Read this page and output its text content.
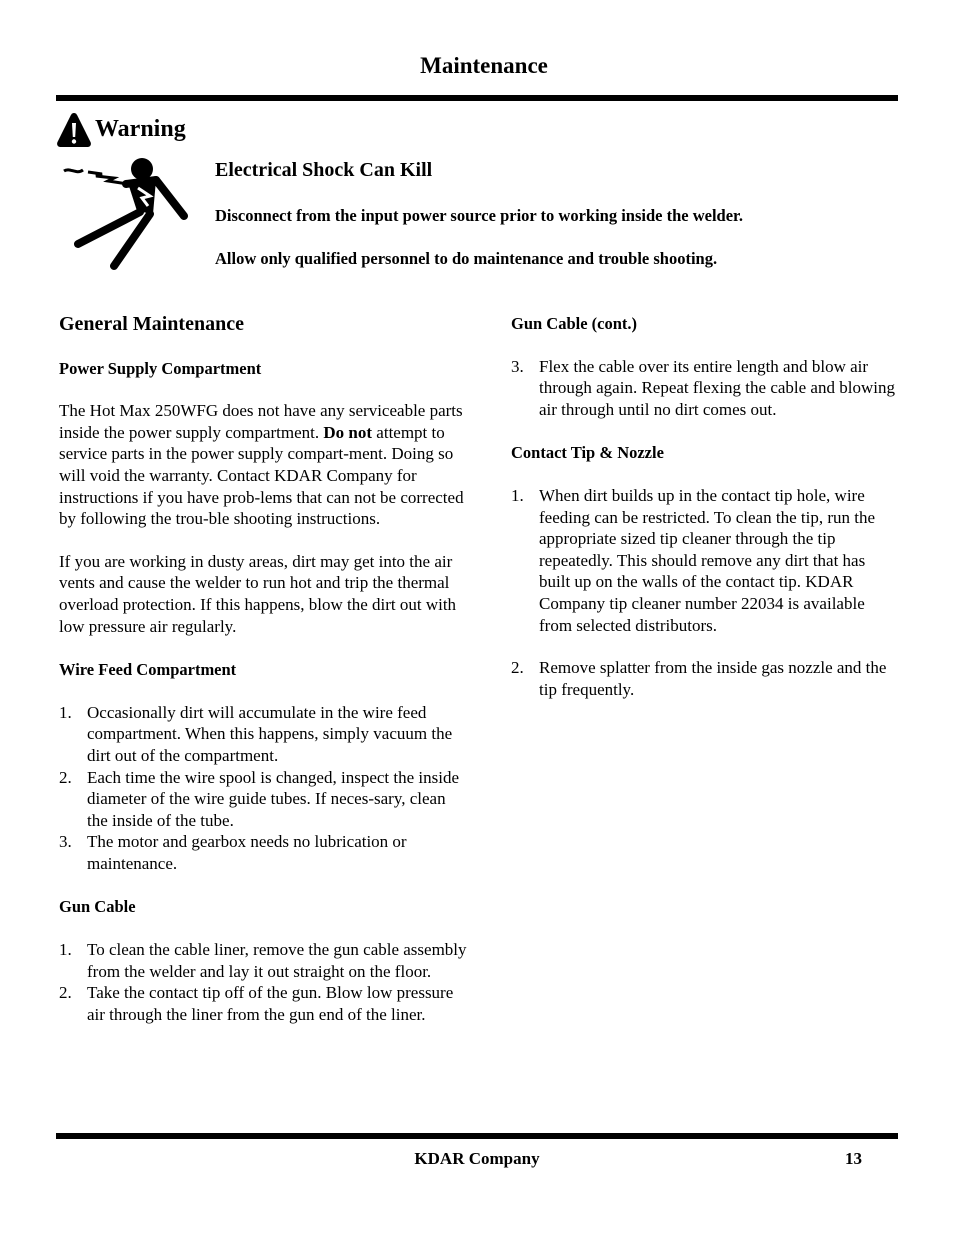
Maintenance
Warning
Electrical Shock Can Kill
Disconnect from the input power source prior to working inside the welder.
Allow only qualified personnel to do maintenance and trouble shooting.
General Maintenance
Power Supply Compartment

The Hot Max 250WFG does not have any serviceable parts inside the power supply compartment. Do not attempt to service parts in the power supply compart-ment. Doing so will void the warranty. Contact KDAR Company for instructions if you have prob-lems that can not be corrected by following the trou-ble shooting instructions.

If you are working in dusty areas, dirt may get into the air vents and cause the welder to run hot and trip the thermal overload protection. If this happens, blow the dirt out with low pressure air regularly.

Wire Feed Compartment
1. Occasionally dirt will accumulate in the wire feed compartment. When this happens, simply vacuum the dirt out of the compartment.
2. Each time the wire spool is changed, inspect the inside diameter of the wire guide tubes. If neces-sary, clean the inside of the tube.
3. The motor and gearbox needs no lubrication or maintenance.
Gun Cable
1. To clean the cable liner, remove the gun cable assembly from the welder and lay it out straight on the floor.
2. Take the contact tip off of the gun. Blow low pressure air through the liner from the gun end of the liner.
Gun Cable (cont.)
3. Flex the cable over its entire length and blow air through again. Repeat flexing the cable and blowing air through until no dirt comes out.
Contact Tip & Nozzle
1. When dirt builds up in the contact tip hole, wire feeding can be restricted. To clean the tip, run the appropriate sized tip cleaner through the tip repeatedly. This should remove any dirt that has built up on the walls of the contact tip. KDAR Company tip cleaner number 22034 is available from selected distributors.
2. Remove splatter from the inside gas nozzle and the tip frequently.
KDAR Company	13
